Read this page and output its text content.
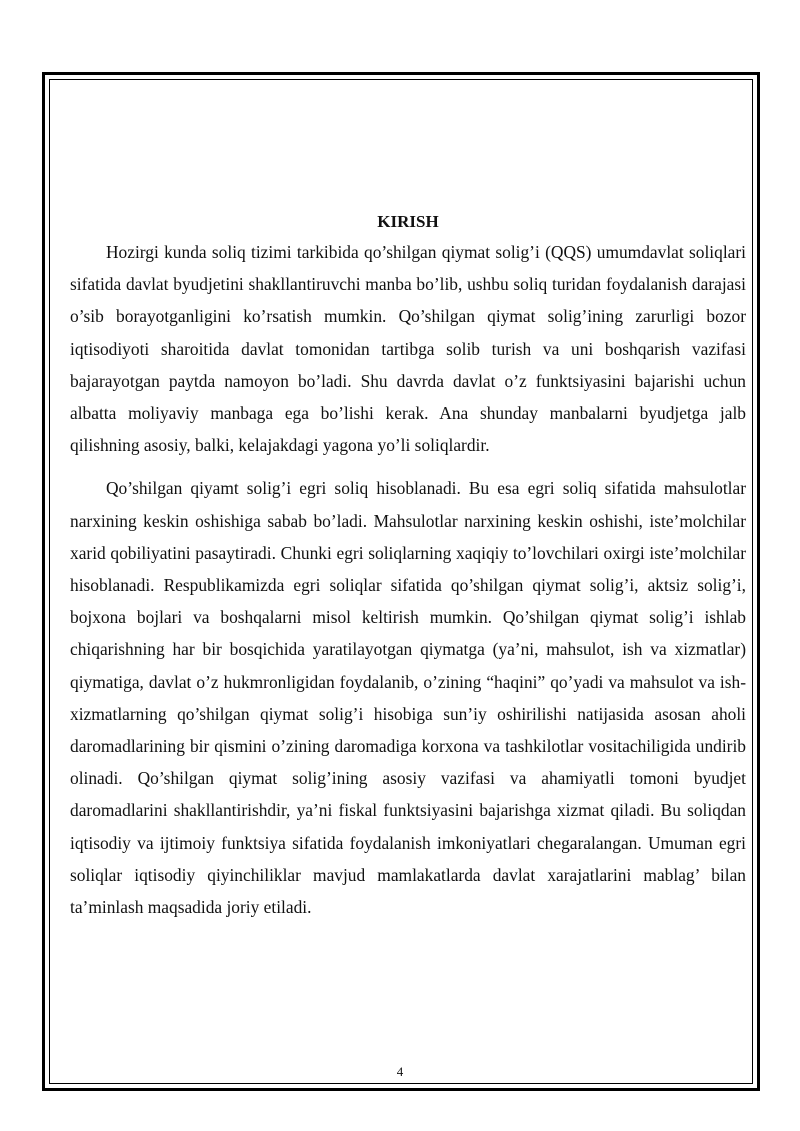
KIRISH

Hozirgi kunda soliq tizimi tarkibida qo’shilgan qiymat solig’i (QQS) umumdavlat soliqlari sifatida davlat byudjetini shakllantiruvchi manba bo’lib, ushbu soliq turidan foydalanish darajasi o’sib borayotganligini ko’rsatish mumkin. Qo’shilgan qiymat solig’ining zarurligi bozor iqtisodiyoti sharoitida davlat tomonidan tartibga solib turish va uni boshqarish vazifasi bajarayotgan paytda namoyon bo’ladi. Shu davrda davlat o’z funktsiyasini bajarishi uchun albatta moliyaviy manbaga ega bo’lishi kerak. Ana shunday manbalarni byudjetga jalb qilishning asosiy, balki, kelajakdagi yagona yo’li soliqlardir.

Qo’shilgan qiyamt solig’i egri soliq hisoblanadi. Bu esa egri soliq sifatida mahsulotlar narxining keskin oshishiga sabab bo’ladi. Mahsulotlar narxining keskin oshishi, iste’molchilar xarid qobiliyatini pasaytiradi. Chunki egri soliqlarning xaqiqiy to’lovchilari oxirgi iste’molchilar hisoblanadi. Respublikamizda egri soliqlar sifatida qo’shilgan qiymat solig’i, aktsiz solig’i, bojxona bojlari va boshqalarni misol keltirish mumkin. Qo’shilgan qiymat solig’i ishlab chiqarishning har bir bosqichida yaratilayotgan qiymatga (ya’ni, mahsulot, ish va xizmatlar) qiymatiga, davlat o’z hukmronligidan foydalanib, o’zining “haqini” qo’yadi va mahsulot va ish-xizmatlarning qo’shilgan qiymat solig’i hisobiga sun’iy oshirilishi natijasida asosan aholi daromadlarining bir qismini o’zining daromadiga korxona va tashkilotlar vositachiligida undirib olinadi. Qo’shilgan qiymat solig’ining asosiy vazifasi va ahamiyatli tomoni byudjet daromadlarini shakllantirishdir, ya’ni fiskal funktsiyasini bajarishga xizmat qiladi. Bu soliqdan iqtisodiy va ijtimoiy funktsiya sifatida foydalanish imkoniyatlari chegaralangan. Umuman egri soliqlar iqtisodiy qiyinchiliklar mavjud mamlakatlarda davlat xarajatlarini mablag’ bilan ta’minlash maqsadida joriy etiladi.

4
